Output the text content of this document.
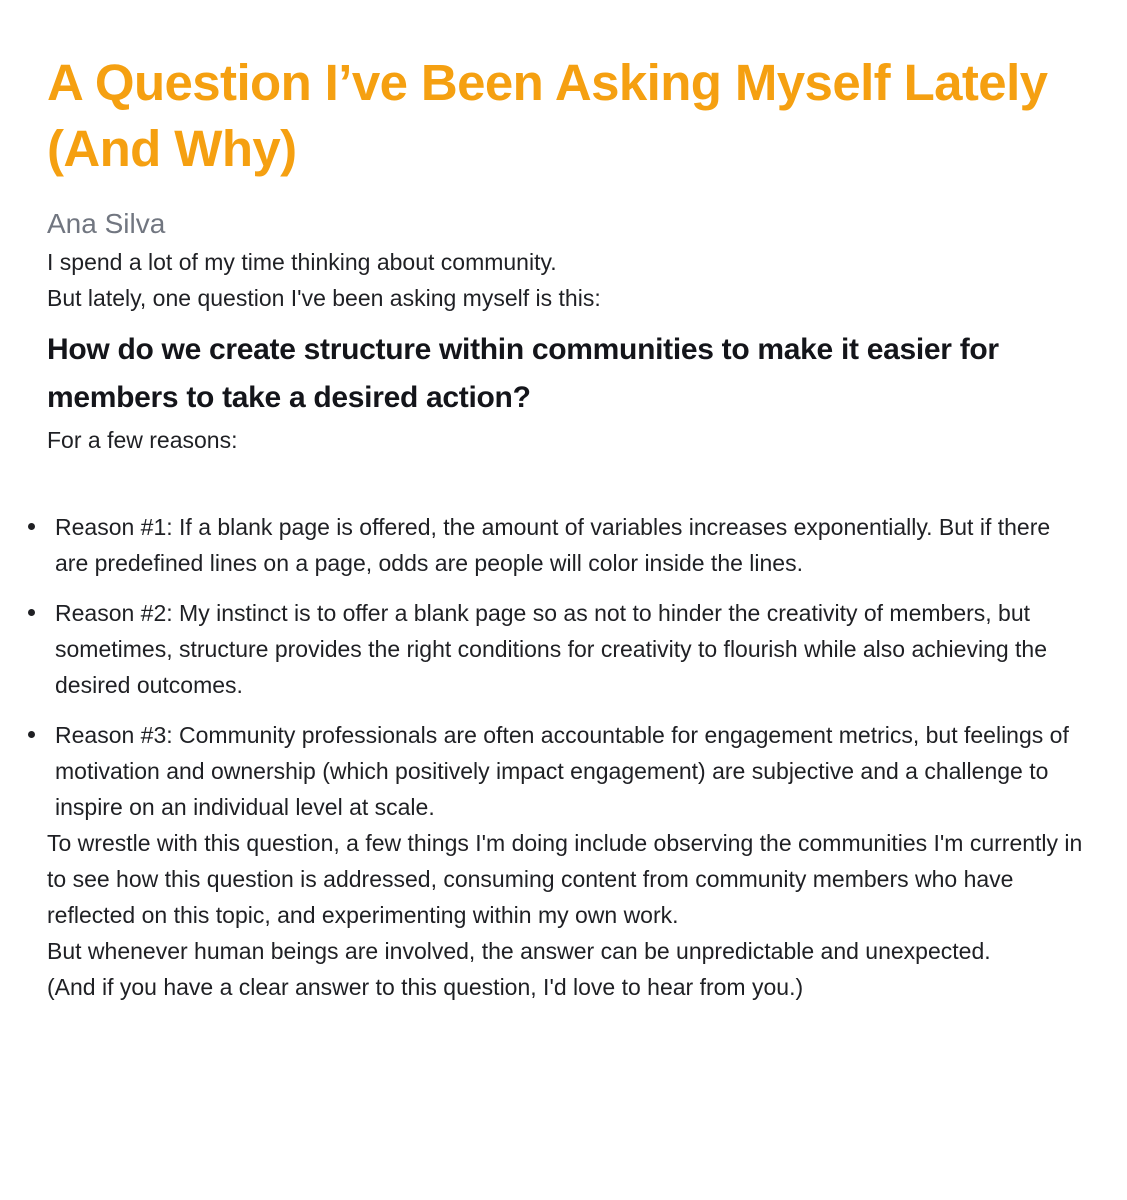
A Question I’ve Been Asking Myself Lately (And Why)
Ana Silva

I spend a lot of my time thinking about community.

But lately, one question I've been asking myself is this:

How do we create structure within communities to make it easier for members to take a desired action?

For a few reasons:

Reason #1: If a blank page is offered, the amount of variables increases exponentially. But if there are predefined lines on a page, odds are people will color inside the lines.
Reason #2: My instinct is to offer a blank page so as not to hinder the creativity of members, but sometimes, structure provides the right conditions for creativity to flourish while also achieving the desired outcomes.
Reason #3: Community professionals are often accountable for engagement metrics, but feelings of motivation and ownership (which positively impact engagement) are subjective and a challenge to inspire on an individual level at scale.

To wrestle with this question, a few things I'm doing include observing the communities I'm currently in to see how this question is addressed, consuming content from community members who have reflected on this topic, and experimenting within my own work.

But whenever human beings are involved, the answer can be unpredictable and unexpected.

(And if you have a clear answer to this question, I'd love to hear from you.)
